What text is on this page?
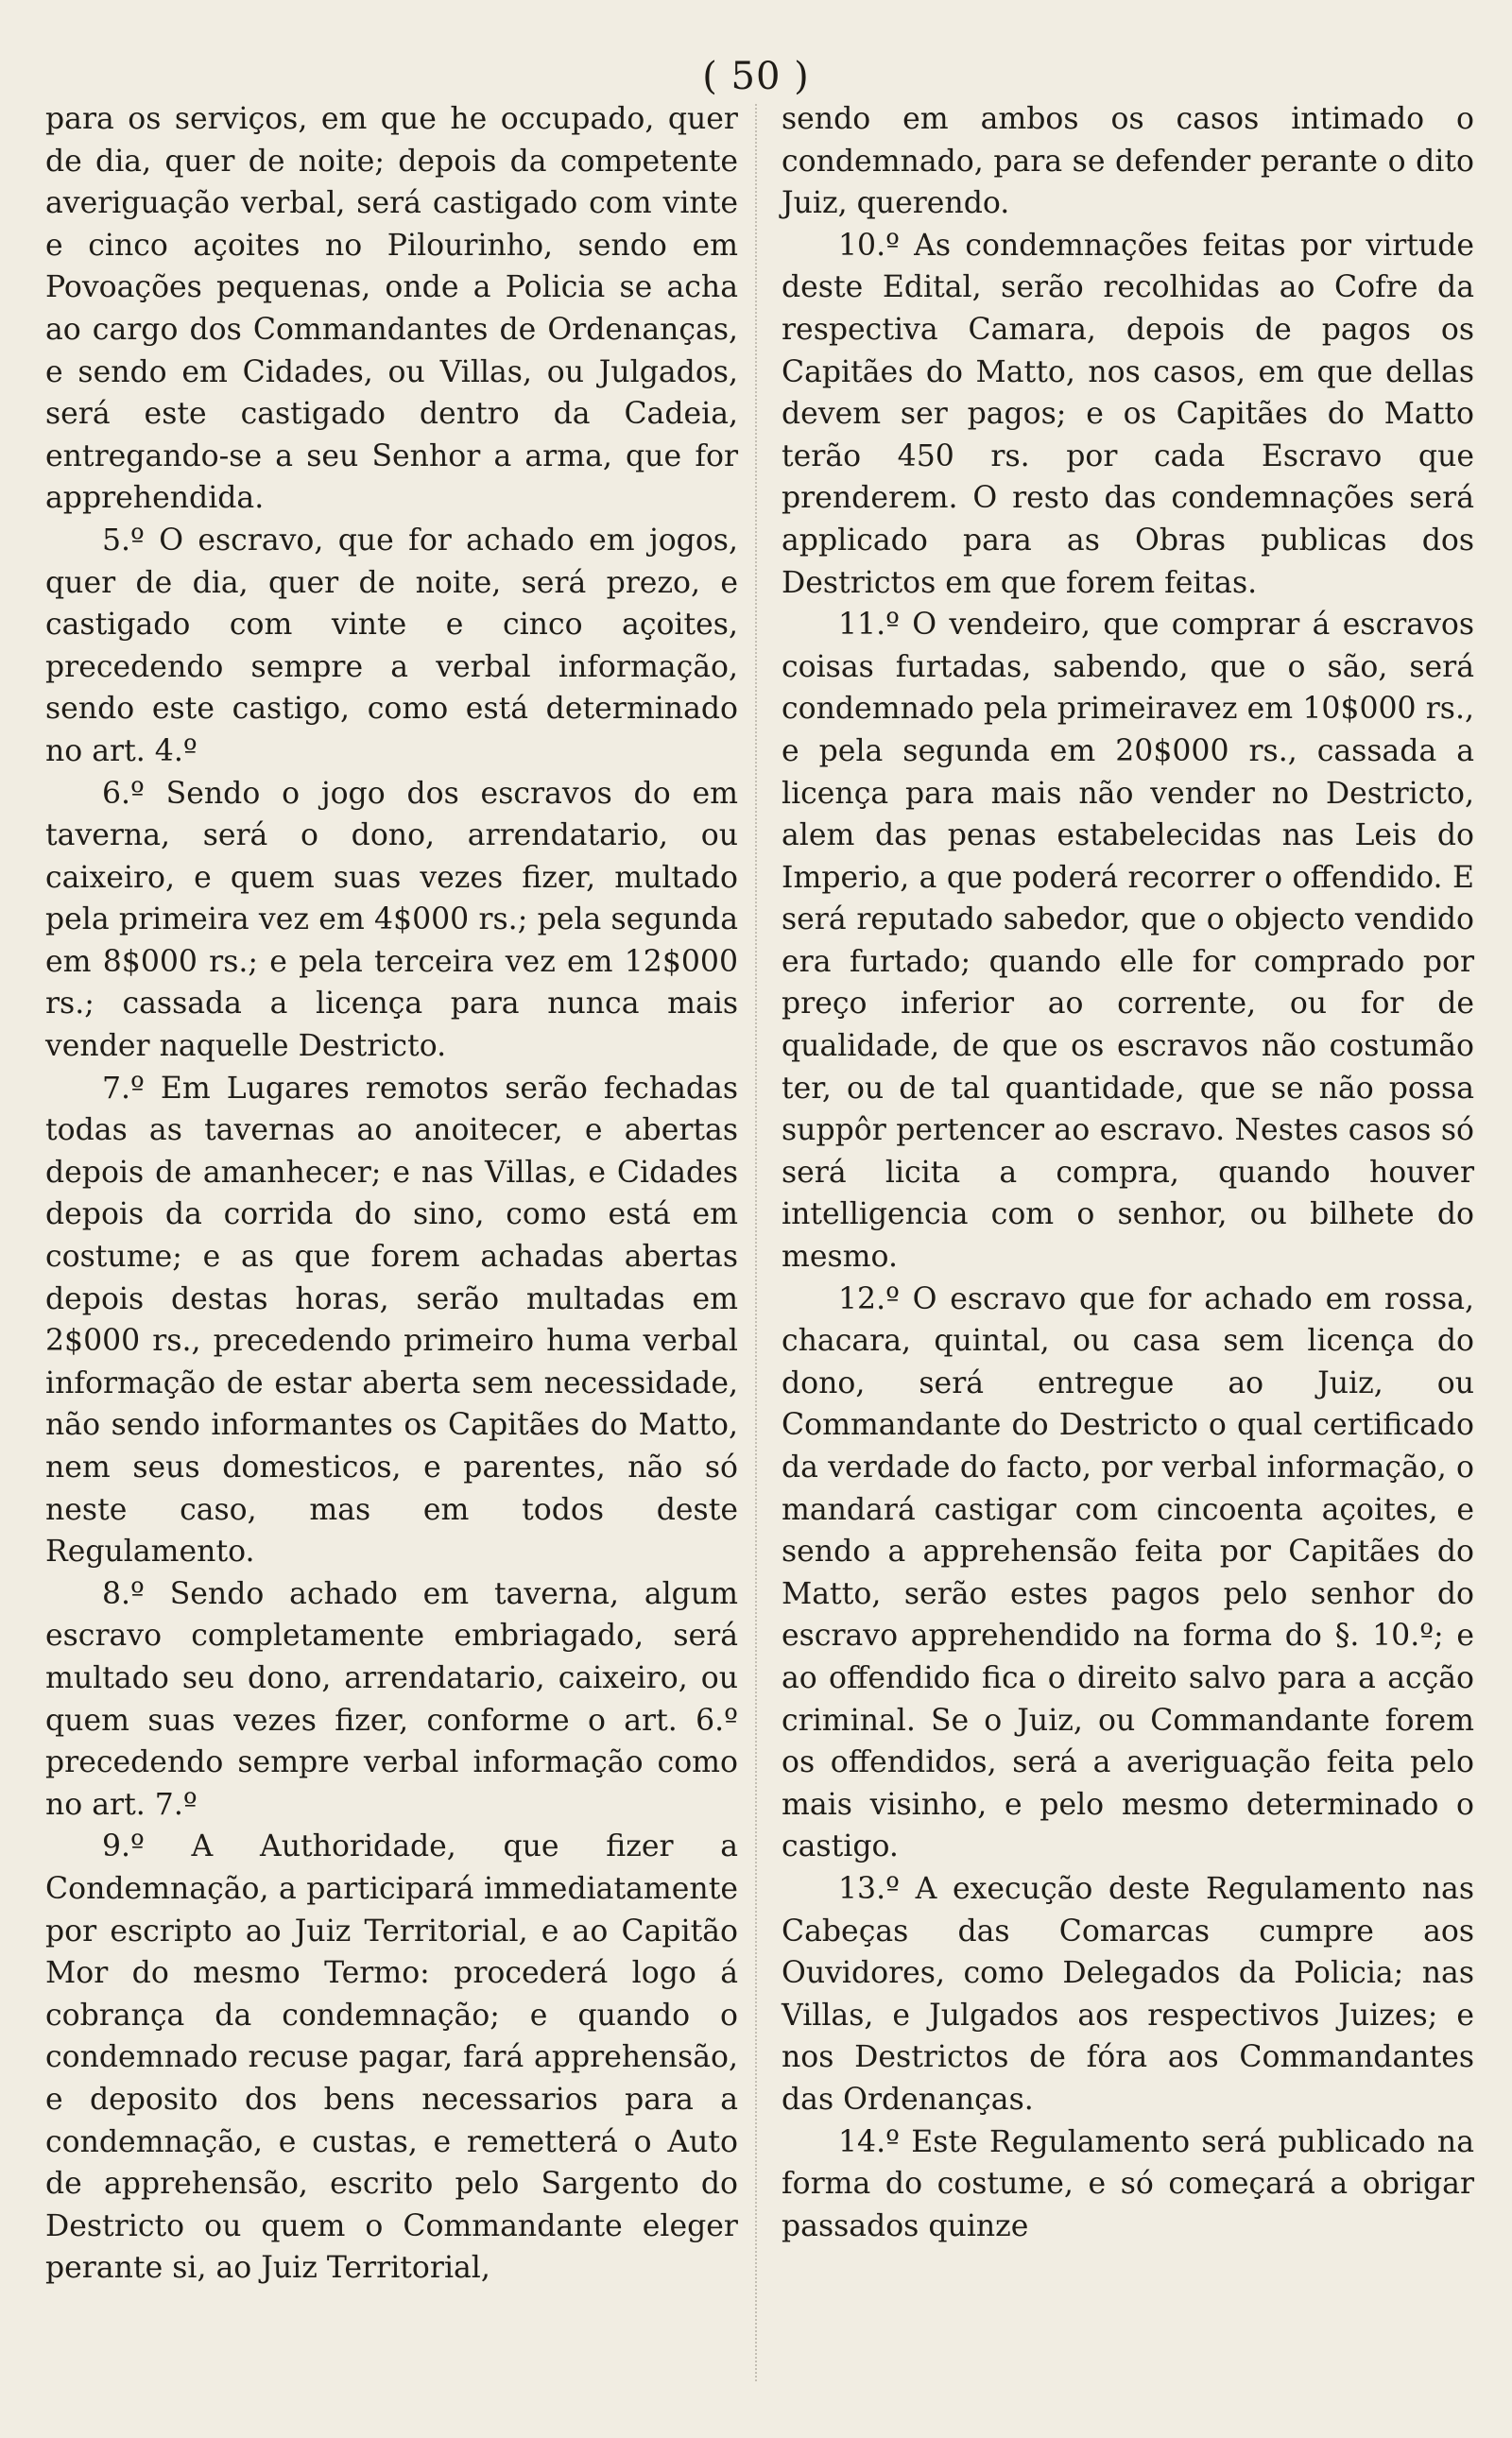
( 50 )

para os serviços, em que he occupado, quer de dia, quer de noite; depois da competente averiguação verbal, será castigado com vinte e cinco açoites no Pilourinho, sendo em Povoações pequenas, onde a Policia se acha ao cargo dos Commandantes de Ordenanças, e sendo em Cidades, ou Villas, ou Julgados, será este castigado dentro da Cadeia, entregando-se a seu Senhor a arma, que for apprehendida.

5.º O escravo, que for achado em jogos, quer de dia, quer de noite, será prezo, e castigado com vinte e cinco açoites, precedendo sempre a verbal informação, sendo este castigo, como está determinado no art. 4.º

6.º Sendo o jogo dos escravos do em taverna, será o dono, arrendatario, ou caixeiro, e quem suas vezes fizer, multado pela primeira vez em 4$000 rs.; pela segunda em 8$000 rs.; e pela terceira vez em 12$000 rs.; cassada a licença para nunca mais vender naquelle Destricto.

7.º Em Lugares remotos serão fechadas todas as tavernas ao anoitecer, e abertas depois de amanhecer; e nas Villas, e Cidades depois da corrida do sino, como está em costume; e as que forem achadas abertas depois destas horas, serão multadas em 2$000 rs., precedendo primeiro huma verbal informação de estar aberta sem necessidade, não sendo informantes os Capitães do Matto, nem seus domesticos, e parentes, não só neste caso, mas em todos deste Regulamento.

8.º Sendo achado em taverna, algum escravo completamente embriagado, será multado seu dono, arrendatario, caixeiro, ou quem suas vezes fizer, conforme o art. 6.º precedendo sempre verbal informação como no art. 7.º

9.º A Authoridade, que fizer a Condemnação, a participará immediatamente por escripto ao Juiz Territorial, e ao Capitão Mor do mesmo Termo: procederá logo á cobrança da condemnação; e quando o condemnado recuse pagar, fará apprehensão, e deposito dos bens necessarios para a condemnação, e custas, e remetterá o Auto de apprehensão, escrito pelo Sargento do Destricto ou quem o Commandante eleger perante si, ao Juiz Territorial,

sendo em ambos os casos intimado o condemnado, para se defender perante o dito Juiz, querendo.

10.º As condemnações feitas por virtude deste Edital, serão recolhidas ao Cofre da respectiva Camara, depois de pagos os Capitães do Matto, nos casos, em que dellas devem ser pagos; e os Capitães do Matto terão 450 rs. por cada Escravo que prenderem. O resto das condemnações será applicado para as Obras publicas dos Destrictos em que forem feitas.

11.º O vendeiro, que comprar á escravos coisas furtadas, sabendo, que o são, será condemnado pela primeiravez em 10$000 rs., e pela segunda em 20$000 rs., cassada a licença para mais não vender no Destricto, alem das penas estabelecidas nas Leis do Imperio, a que poderá recorrer o offendido. E será reputado sabedor, que o objecto vendido era furtado; quando elle for comprado por preço inferior ao corrente, ou for de qualidade, de que os escravos não costumão ter, ou de tal quantidade, que se não possa suppôr pertencer ao escravo. Nestes casos só será licita a compra, quando houver intelligencia com o senhor, ou bilhete do mesmo.

12.º O escravo que for achado em rossa, chacara, quintal, ou casa sem licença do dono, será entregue ao Juiz, ou Commandante do Destricto o qual certificado da verdade do facto, por verbal informação, o mandará castigar com cincoenta açoites, e sendo a apprehensão feita por Capitães do Matto, serão estes pagos pelo senhor do escravo apprehendido na forma do §. 10.º; e ao offendido fica o direito salvo para a acção criminal. Se o Juiz, ou Commandante forem os offendidos, será a averiguação feita pelo mais visinho, e pelo mesmo determinado o castigo.

13.º A execução deste Regulamento nas Cabeças das Comarcas cumpre aos Ouvidores, como Delegados da Policia; nas Villas, e Julgados aos respectivos Juizes; e nos Destrictos de fóra aos Commandantes das Ordenanças.

14.º Este Regulamento será publicado na forma do costume, e só começará a obrigar passados quinze
